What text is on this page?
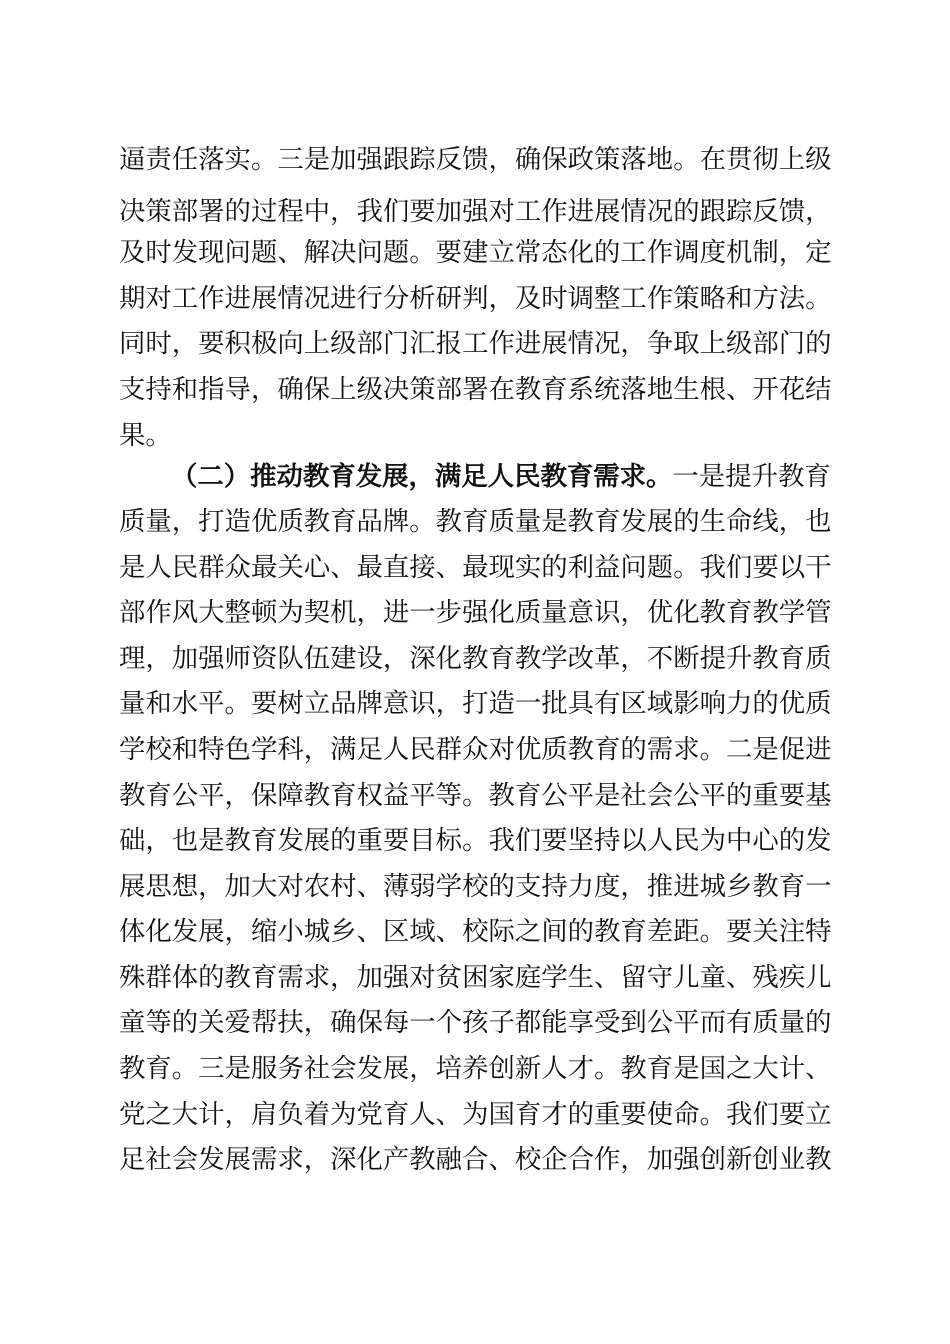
逼责任落实。三是加强跟踪反馈，确保政策落地。在贯彻上级
决策部署的过程中，我们要加强对工作进展情况的跟踪反馈，
及时发现问题、解决问题。要建立常态化的工作调度机制，定
期对工作进展情况进行分析研判，及时调整工作策略和方法。
同时，要积极向上级部门汇报工作进展情况，争取上级部门的
支持和指导，确保上级决策部署在教育系统落地生根、开花结
果。
（二）推动教育发展，满足人民教育需求。一是提升教育
质量，打造优质教育品牌。教育质量是教育发展的生命线，也
是人民群众最关心、最直接、最现实的利益问题。我们要以干
部作风大整顿为契机，进一步强化质量意识，优化教育教学管
理，加强师资队伍建设，深化教育教学改革，不断提升教育质
量和水平。要树立品牌意识，打造一批具有区域影响力的优质
学校和特色学科，满足人民群众对优质教育的需求。二是促进
教育公平，保障教育权益平等。教育公平是社会公平的重要基
础，也是教育发展的重要目标。我们要坚持以人民为中心的发
展思想，加大对农村、薄弱学校的支持力度，推进城乡教育一
体化发展，缩小城乡、区域、校际之间的教育差距。要关注特
殊群体的教育需求，加强对贫困家庭学生、留守儿童、残疾儿
童等的关爱帮扶，确保每一个孩子都能享受到公平而有质量的
教育。三是服务社会发展，培养创新人才。教育是国之大计、
党之大计，肩负着为党育人、为国育才的重要使命。我们要立
足社会发展需求，深化产教融合、校企合作，加强创新创业教
